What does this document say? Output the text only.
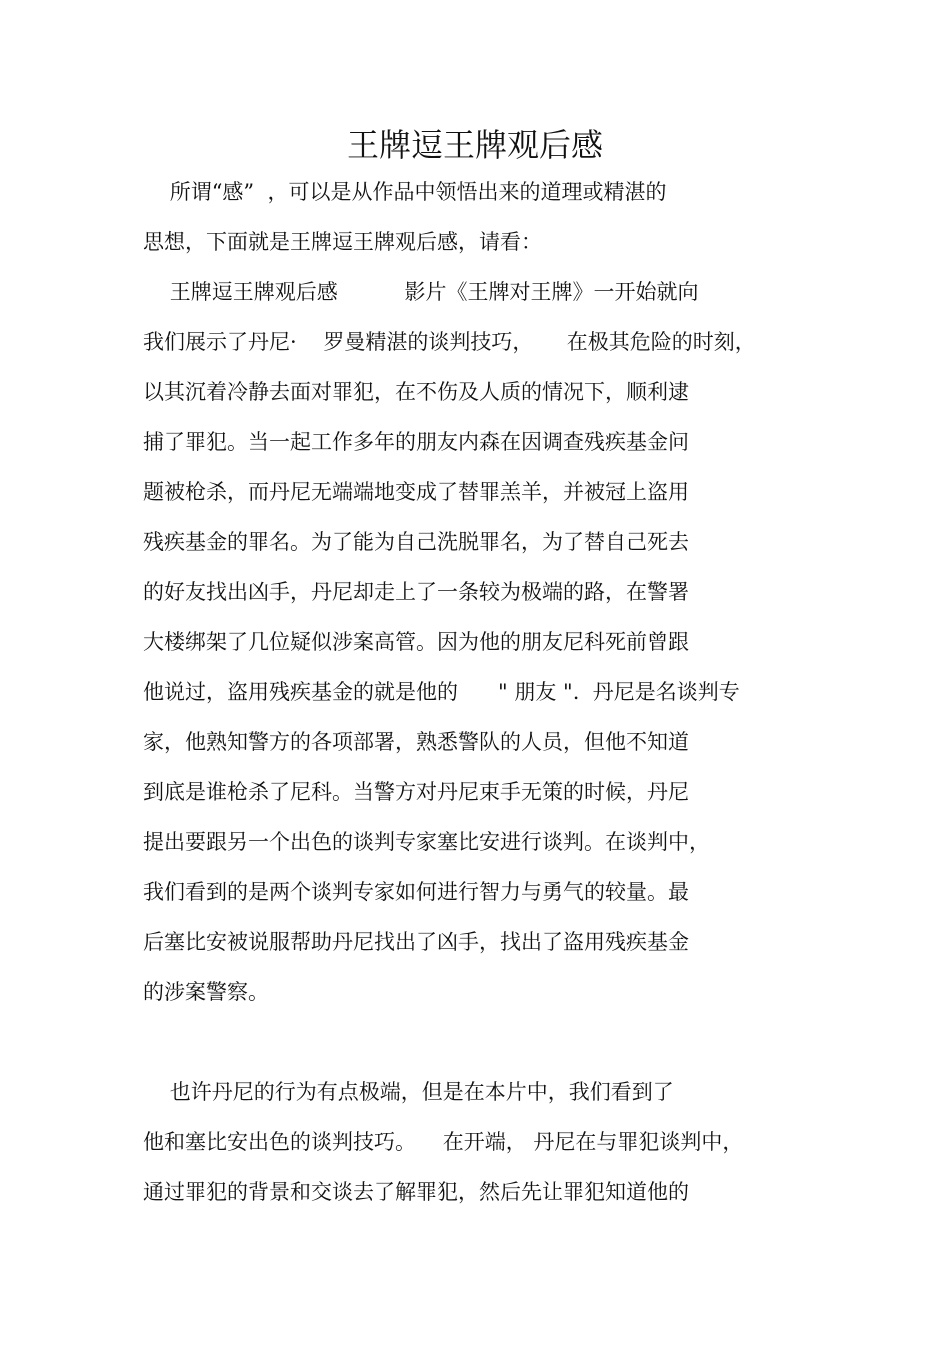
王牌逗王牌观后感

所谓“感”  ，可以是从作品中领悟出来的道理或精湛的

思想，下面就是王牌逗王牌观后感，请看：

王牌逗王牌观后感          影片《王牌对王牌》一开始就向

我们展示了丹尼·    罗曼精湛的谈判技巧，     在极其危险的时刻，

以其沉着冷静去面对罪犯，在不伤及人质的情况下，顺利逮

捕了罪犯。当一起工作多年的朋友内森在因调查残疾基金问

题被枪杀，而丹尼无端端地变成了替罪羔羊，并被冠上盗用

残疾基金的罪名。为了能为自己洗脱罪名，为了替自己死去

的好友找出凶手，丹尼却走上了一条较为极端的路，在警署

大楼绑架了几位疑似涉案高管。因为他的朋友尼科死前曾跟

他说过，盗用残疾基金的就是他的      " 朋友 ".  丹尼是名谈判专

家，他熟知警方的各项部署，熟悉警队的人员，但他不知道

到底是谁枪杀了尼科。当警方对丹尼束手无策的时候，丹尼

提出要跟另一个出色的谈判专家塞比安进行谈判。在谈判中，

我们看到的是两个谈判专家如何进行智力与勇气的较量。最

后塞比安被说服帮助丹尼找出了凶手，找出了盗用残疾基金

的涉案警察。

也许丹尼的行为有点极端，但是在本片中，我们看到了

他和塞比安出色的谈判技巧。    在开端， 丹尼在与罪犯谈判中，

通过罪犯的背景和交谈去了解罪犯，然后先让罪犯知道他的
